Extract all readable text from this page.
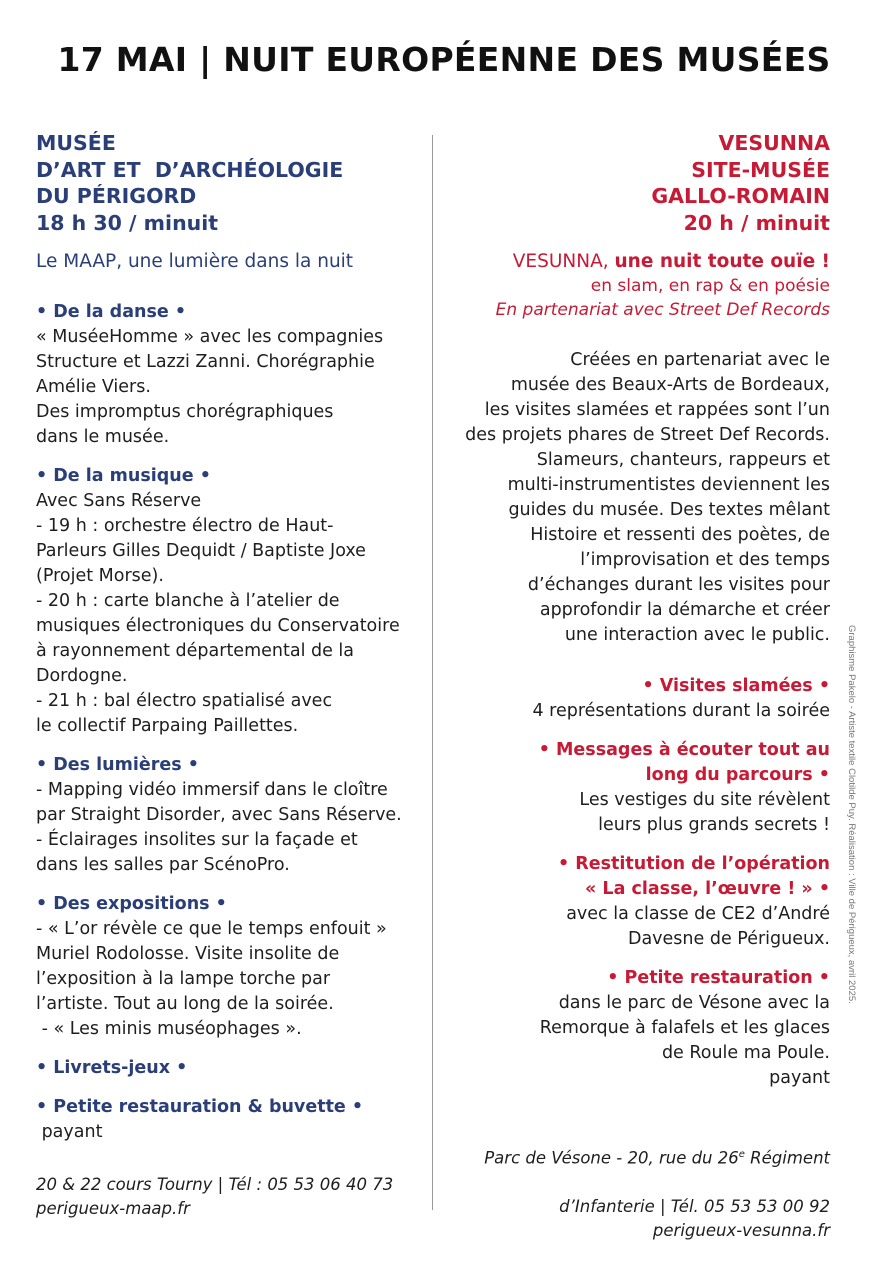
17 MAI | NUIT EUROPÉENNE DES MUSÉES
MUSÉE
D’ART ET  D’ARCHÉOLOGIE
DU PÉRIGORD
18 h 30 / minuit
Le MAAP, une lumière dans la nuit
• De la danse •
« MuséeHomme » avec les compagnies
Structure et Lazzi Zanni. Chorégraphie
Amélie Viers.
Des impromptus chorégraphiques
dans le musée.
• De la musique •
Avec Sans Réserve
- 19 h : orchestre électro de Haut-
Parleurs Gilles Dequidt / Baptiste Joxe
(Projet Morse).
- 20 h : carte blanche à l’atelier de
musiques électroniques du Conservatoire
à rayonnement départemental de la
Dordogne.
- 21 h : bal électro spatialisé avec
le collectif Parpaing Paillettes.
• Des lumières •
- Mapping vidéo immersif dans le cloître
par Straight Disorder, avec Sans Réserve.
- Éclairages insolites sur la façade et
dans les salles par ScénoPro.
• Des expositions •
- « L’or révèle ce que le temps enfouit »
Muriel Rodolosse. Visite insolite de
l’exposition à la lampe torche par
l’artiste. Tout au long de la soirée.
- « Les minis muséophages ».
• Livrets-jeux •
• Petite restauration & buvette •
payant
20 & 22 cours Tourny | Tél : 05 53 06 40 73
perigueux-maap.fr
VESUNNA
SITE-MUSÉE
GALLO-ROMAIN
20 h / minuit
VESUNNA, une nuit toute ouïe !
en slam, en rap & en poésie
En partenariat avec Street Def Records
Créées en partenariat avec le
musée des Beaux-Arts de Bordeaux,
les visites slamées et rappées sont l’un
des projets phares de Street Def Records.
Slameurs, chanteurs, rappeurs et
multi-instrumentistes deviennent les
guides du musée. Des textes mêlant
Histoire et ressenti des poètes, de
l’improvisation et des temps
d’échanges durant les visites pour
approfondir la démarche et créer
une interaction avec le public.
• Visites slamées •
4 représentations durant la soirée
• Messages à écouter tout au
long du parcours •
Les vestiges du site révèlent
leurs plus grands secrets !
• Restitution de l’opération
« La classe, l’œuvre ! » •
avec la classe de CE2 d’André
Davesne de Périgueux.
• Petite restauration •
dans le parc de Vésone avec la
Remorque à falafels et les glaces
de Roule ma Poule.
payant

Parc de Vésone - 20, rue du 26e Régiment

d’Infanterie | Tél. 05 53 53 00 92
perigueux-vesunna.fr

Graphisme Pakelo - Artiste textile Clotilde Puy. Réalisation : Ville de Périgueux, avril 2025.
